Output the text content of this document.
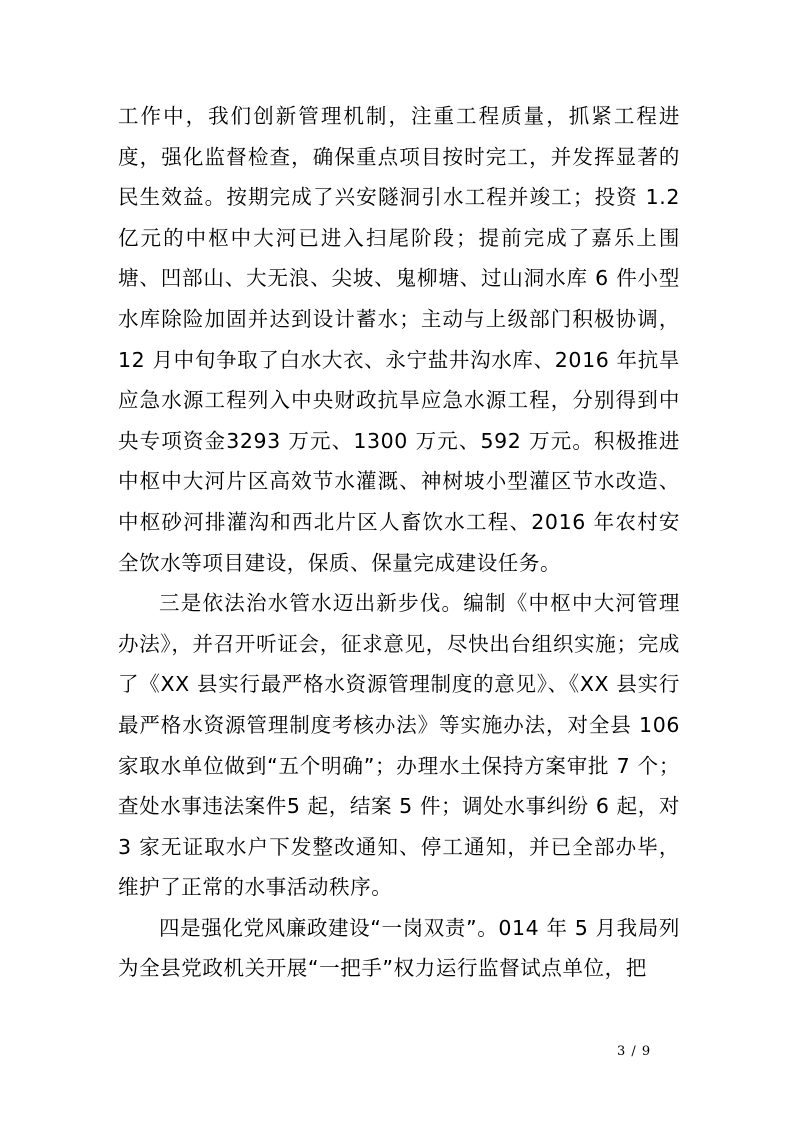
工作中，我们创新管理机制，注重工程质量，抓紧工程进度，强化监督检查，确保重点项目按时完工，并发挥显著的民生效益。按期完成了兴安隧洞引水工程并竣工；投资 1.2 亿元的中枢中大河已进入扫尾阶段；提前完成了嘉乐上围塘、凹部山、大无浪、尖坡、鬼柳塘、过山洞水库 6 件小型水库除险加固并达到设计蓄水；主动与上级部门积极协调，12 月中旬争取了白水大衣、永宁盐井沟水库、2016 年抗旱应急水源工程列入中央财政抗旱应急水源工程，分别得到中央专项资金3293 万元、1300 万元、592 万元。积极推进中枢中大河片区高效节水灌溉、神树坡小型灌区节水改造、中枢砂河排灌沟和西北片区人畜饮水工程、2016 年农村安全饮水等项目建设，保质、保量完成建设任务。

三是依法治水管水迈出新步伐。编制《中枢中大河管理办法》，并召开听证会，征求意见，尽快出台组织实施；完成了《XX 县实行最严格水资源管理制度的意见》、《XX 县实行最严格水资源管理制度考核办法》等实施办法，对全县 106 家取水单位做到“五个明确”；办理水土保持方案审批 7 个；查处水事违法案件5 起，结案 5 件；调处水事纠纷 6 起，对3 家无证取水户下发整改通知、停工通知，并已全部办毕，维护了正常的水事活动秩序。

四是强化党风廉政建设“一岗双责”。014 年 5 月我局列为全县党政机关开展“一把手”权力运行监督试点单位，把

3 / 9
